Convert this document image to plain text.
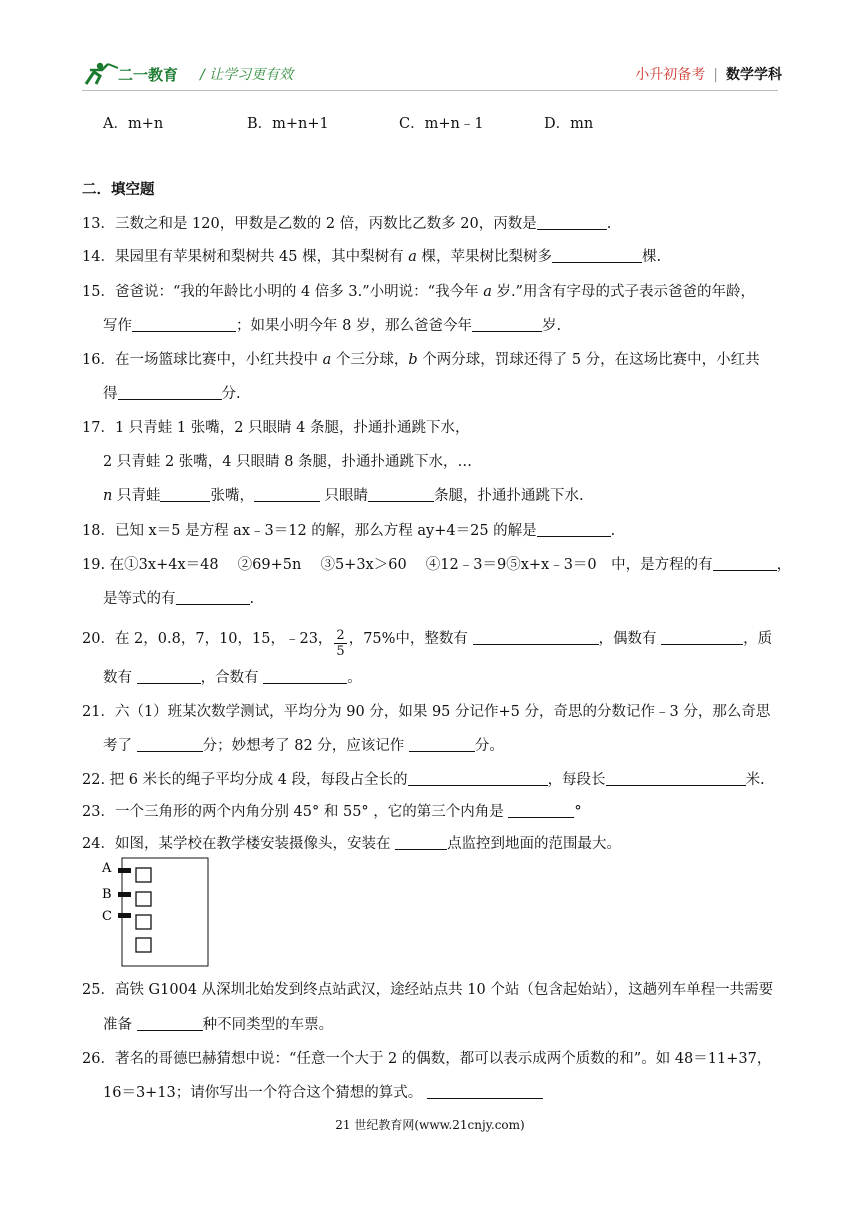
二一教育 / 让学习更有效	小升初备考 | 数学学科
A．m+n	B．m+n+1	C．m+n﹣1	D．mn
二．填空题
13．三数之和是 120，甲数是乙数的 2 倍，丙数比乙数多 20，丙数是	.
14．果园里有苹果树和梨树共 45 棵，其中梨树有 a 棵，苹果树比梨树多	棵.
15．爸爸说：“我的年龄比小明的 4 倍多 3.”小明说：“我今年 a 岁.”用含有字母的式子表示爸爸的年龄，
写作	；如果小明今年 8 岁，那么爸爸今年	岁.
16．在一场篮球比赛中，小红共投中 a 个三分球，b 个两分球，罚球还得了 5 分，在这场比赛中，小红共
得	分.
17．1 只青蛙 1 张嘴，2 只眼睛 4 条腿，扑通扑通跳下水，
2 只青蛙 2 张嘴，4 只眼睛 8 条腿，扑通扑通跳下水，…
n 只青蛙	张嘴，	只眼睛	条腿，扑通扑通跳下水.
18．已知 x＝5 是方程 ax﹣3＝12 的解，那么方程 ay+4＝25 的解是	.
19. 在①3x+4x＝48　 ②69+5n　 ③5+3x＞60　 ④12﹣3＝9⑤x+x﹣3＝0　中，是方程的有	，
是等式的有	.
20．在 2，0.8，7，10，15，﹣23， $\frac{2}{5}$ ，75%中，整数有	，偶数有	，质
数有	，合数有	。
21．六（1）班某次数学测试，平均分为 90 分，如果 95 分记作+5 分，奇思的分数记作﹣3 分，那么奇思
考了	分；妙想考了 82 分，应该记作	分。
22. 把 6 米长的绳子平均分成 4 段，每段占全长的	，每段长	米.
23．一个三角形的两个内角分别 45° 和 55° ，它的第三个内角是	°
24．如图，某学校在教学楼安装摄像头，安装在	点监控到地面的范围最大。
A
B
C
25．高铁 G1004 从深圳北始发到终点站武汉，途经站点共 10 个站（包含起始站），这趟列车单程一共需要
准备	种不同类型的车票。
26．著名的哥德巴赫猜想中说：“任意一个大于 2 的偶数，都可以表示成两个质数的和”。如 48＝11+37，
16＝3+13；请你写出一个符合这个猜想的算式。
21 世纪教育网(www.21cnjy.com)
